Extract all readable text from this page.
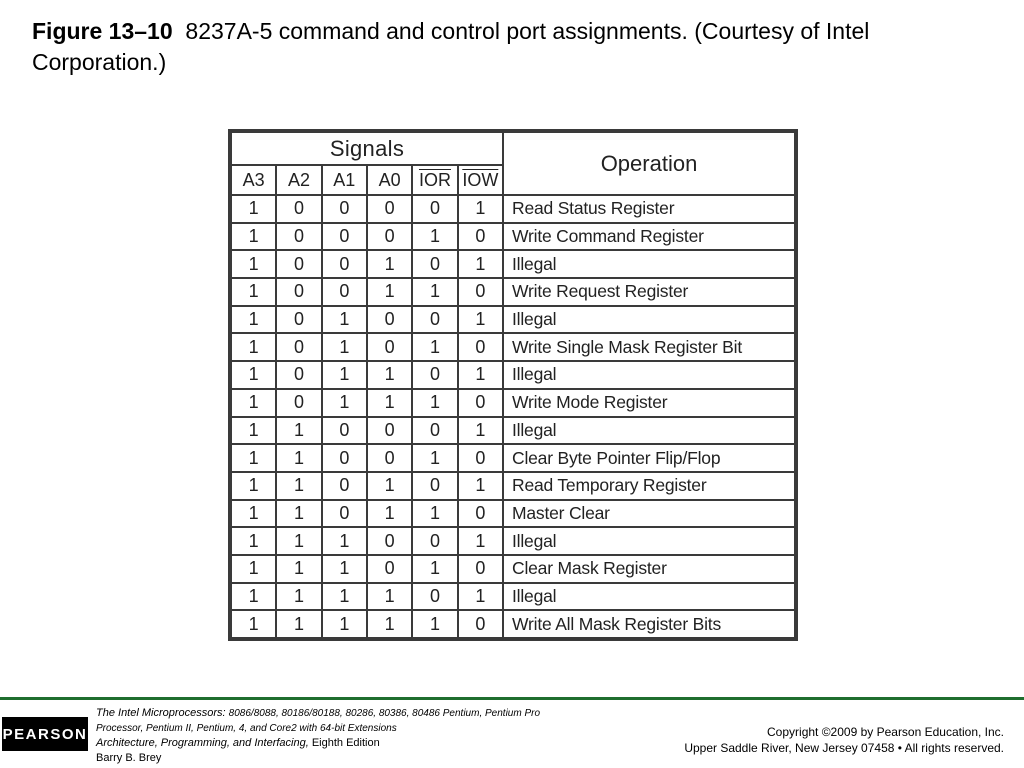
Figure 13–10 8237A-5 command and control port assignments. (Courtesy of Intel Corporation.)
Signals						Operation
A3	A2	A1	A0	$\overline{IOR}$	$\overline{IOW}$
1	0	0	0	0	1	Read Status Register
1	0	0	0	1	0	Write Command Register
1	0	0	1	0	1	Illegal
1	0	0	1	1	0	Write Request Register
1	0	1	0	0	1	Illegal
1	0	1	0	1	0	Write Single Mask Register Bit
1	0	1	1	0	1	Illegal
1	0	1	1	1	0	Write Mode Register
1	1	0	0	0	1	Illegal
1	1	0	0	1	0	Clear Byte Pointer Flip/Flop
1	1	0	1	0	1	Read Temporary Register
1	1	0	1	1	0	Master Clear
1	1	1	0	0	1	Illegal
1	1	1	0	1	0	Clear Mask Register
1	1	1	1	0	1	Illegal
1	1	1	1	1	0	Write All Mask Register Bits
PEARSON
The Intel Microprocessors: 8086/8088, 80186/80188, 80286, 80386, 80486 Pentium, Pentium Pro Processor, Pentium II, Pentium, 4, and Core2 with 64-bit Extensions
Architecture, Programming, and Interfacing, Eighth Edition
Barry B. Brey
Copyright ©2009 by Pearson Education, Inc.
Upper Saddle River, New Jersey 07458 • All rights reserved.
